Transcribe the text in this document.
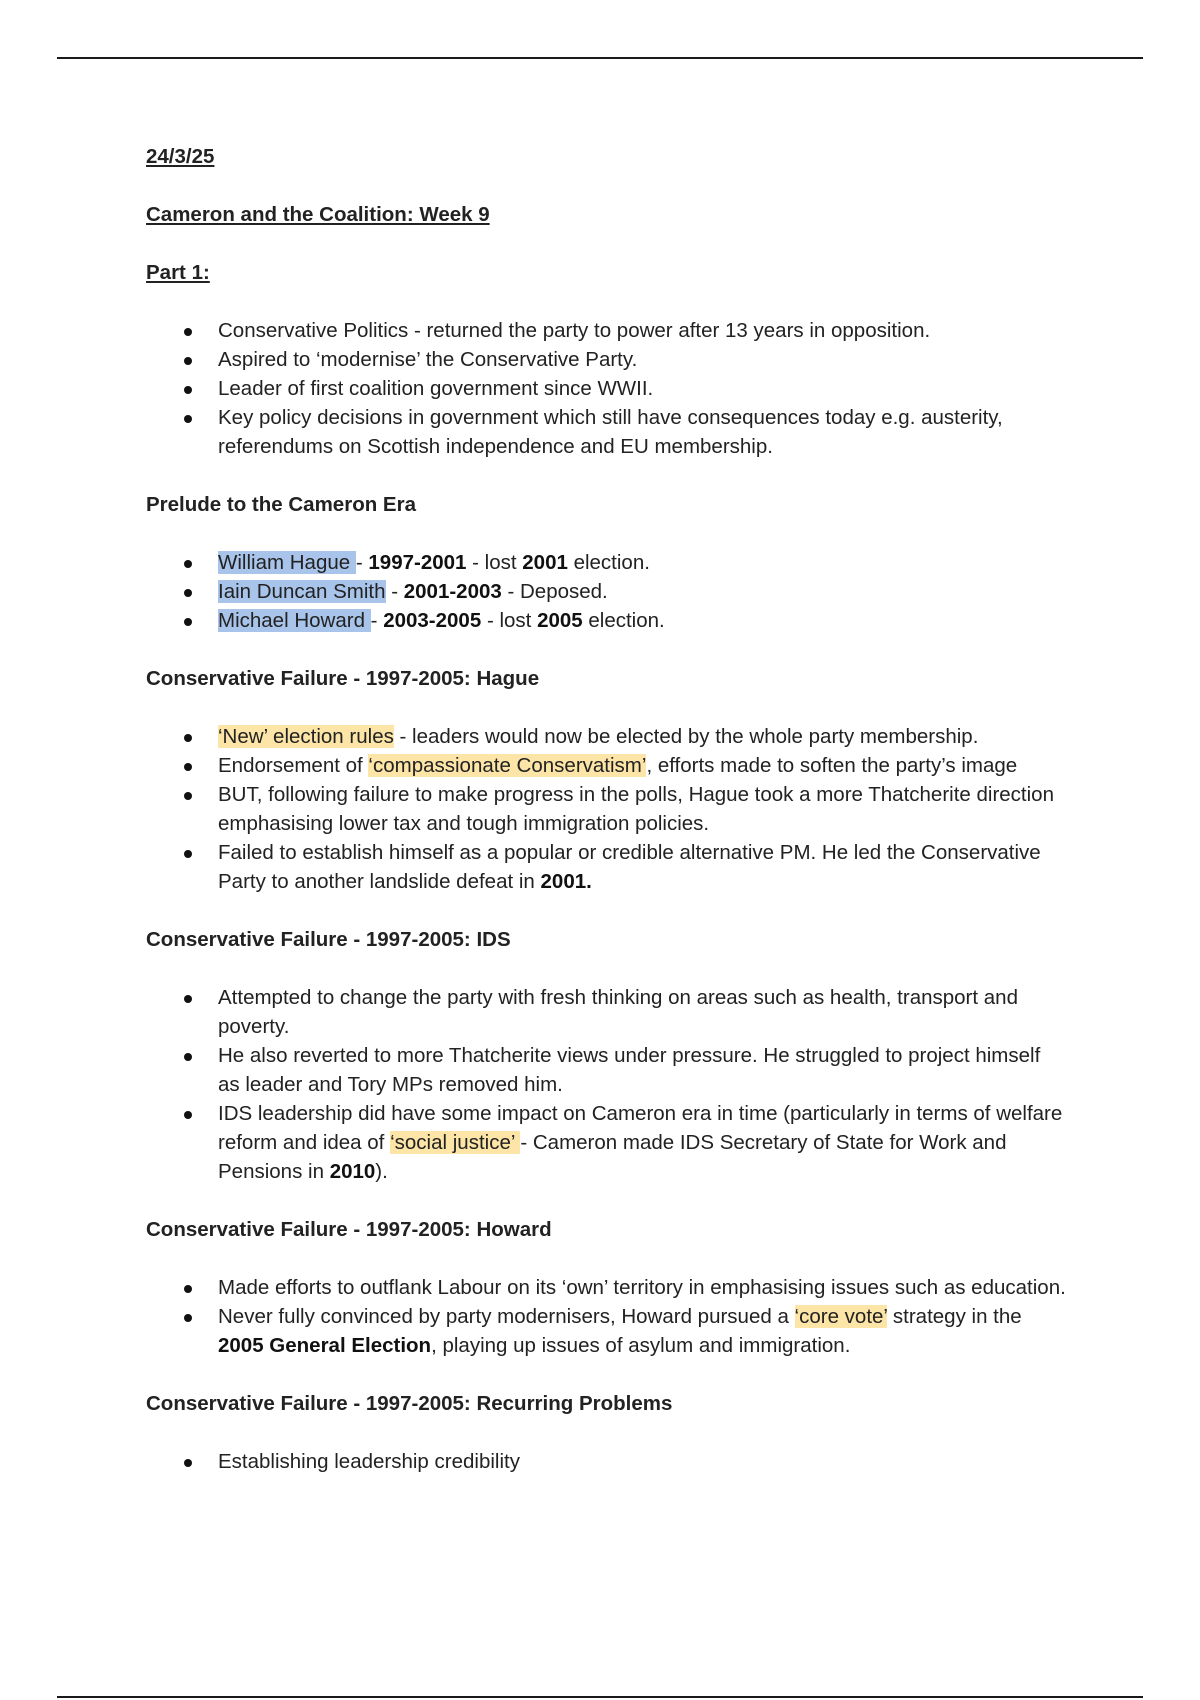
24/3/25

Cameron and the Coalition: Week 9

Part 1:

Conservative Politics - returned the party to power after 13 years in opposition.
Aspired to ‘modernise’ the Conservative Party.
Leader of first coalition government since WWII.
Key policy decisions in government which still have consequences today e.g. austerity, referendums on Scottish independence and EU membership.

Prelude to the Cameron Era

William Hague - 1997-2001 - lost 2001 election.
Iain Duncan Smith - 2001-2003 - Deposed.
Michael Howard - 2003-2005 - lost 2005 election.

Conservative Failure - 1997-2005: Hague

‘New’ election rules - leaders would now be elected by the whole party membership.
Endorsement of ‘compassionate Conservatism’, efforts made to soften the party’s image
BUT, following failure to make progress in the polls, Hague took a more Thatcherite direction emphasising lower tax and tough immigration policies.
Failed to establish himself as a popular or credible alternative PM. He led the Conservative Party to another landslide defeat in 2001.

Conservative Failure - 1997-2005: IDS

Attempted to change the party with fresh thinking on areas such as health, transport and poverty.
He also reverted to more Thatcherite views under pressure. He struggled to project himself as leader and Tory MPs removed him.
IDS leadership did have some impact on Cameron era in time (particularly in terms of welfare reform and idea of ‘social justice’ - Cameron made IDS Secretary of State for Work and Pensions in 2010).

Conservative Failure - 1997-2005: Howard

Made efforts to outflank Labour on its ‘own’ territory in emphasising issues such as education.
Never fully convinced by party modernisers, Howard pursued a ‘core vote’ strategy in the 2005 General Election, playing up issues of asylum and immigration.

Conservative Failure - 1997-2005: Recurring Problems

Establishing leadership credibility
